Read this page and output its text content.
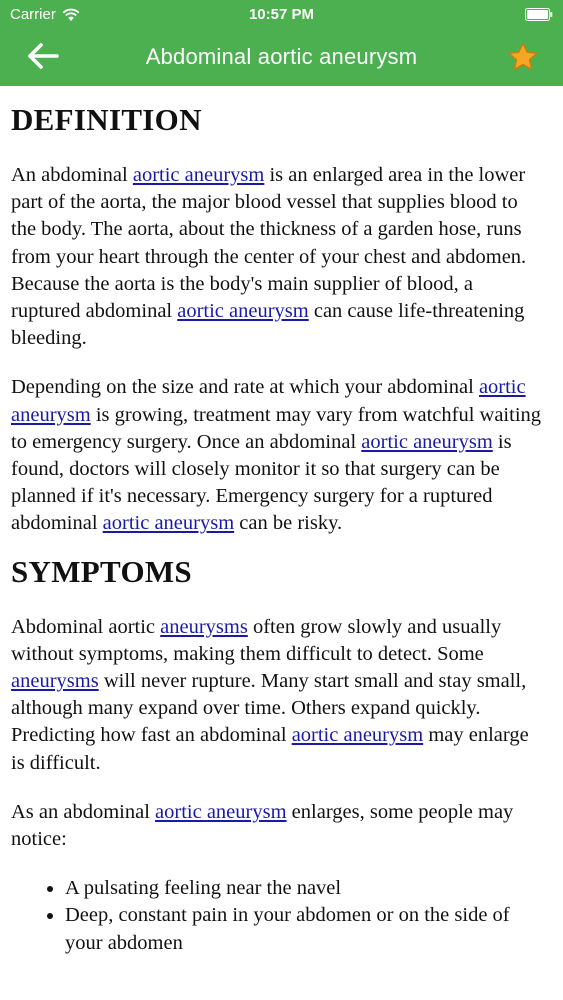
Carrier	10:57 PM
Abdominal aortic aneurysm
DEFINITION

An abdominal aortic aneurysm is an enlarged area in the lower part of the aorta, the major blood vessel that supplies blood to the body. The aorta, about the thickness of a garden hose, runs from your heart through the center of your chest and abdomen. Because the aorta is the body's main supplier of blood, a ruptured abdominal aortic aneurysm can cause life-threatening bleeding.

Depending on the size and rate at which your abdominal aortic aneurysm is growing, treatment may vary from watchful waiting to emergency surgery. Once an abdominal aortic aneurysm is found, doctors will closely monitor it so that surgery can be planned if it's necessary. Emergency surgery for a ruptured abdominal aortic aneurysm can be risky.

SYMPTOMS

Abdominal aortic aneurysms often grow slowly and usually without symptoms, making them difficult to detect. Some aneurysms will never rupture. Many start small and stay small, although many expand over time. Others expand quickly. Predicting how fast an abdominal aortic aneurysm may enlarge is difficult.

As an abdominal aortic aneurysm enlarges, some people may notice:

• A pulsating feeling near the navel
• Deep, constant pain in your abdomen or on the side of your abdomen
